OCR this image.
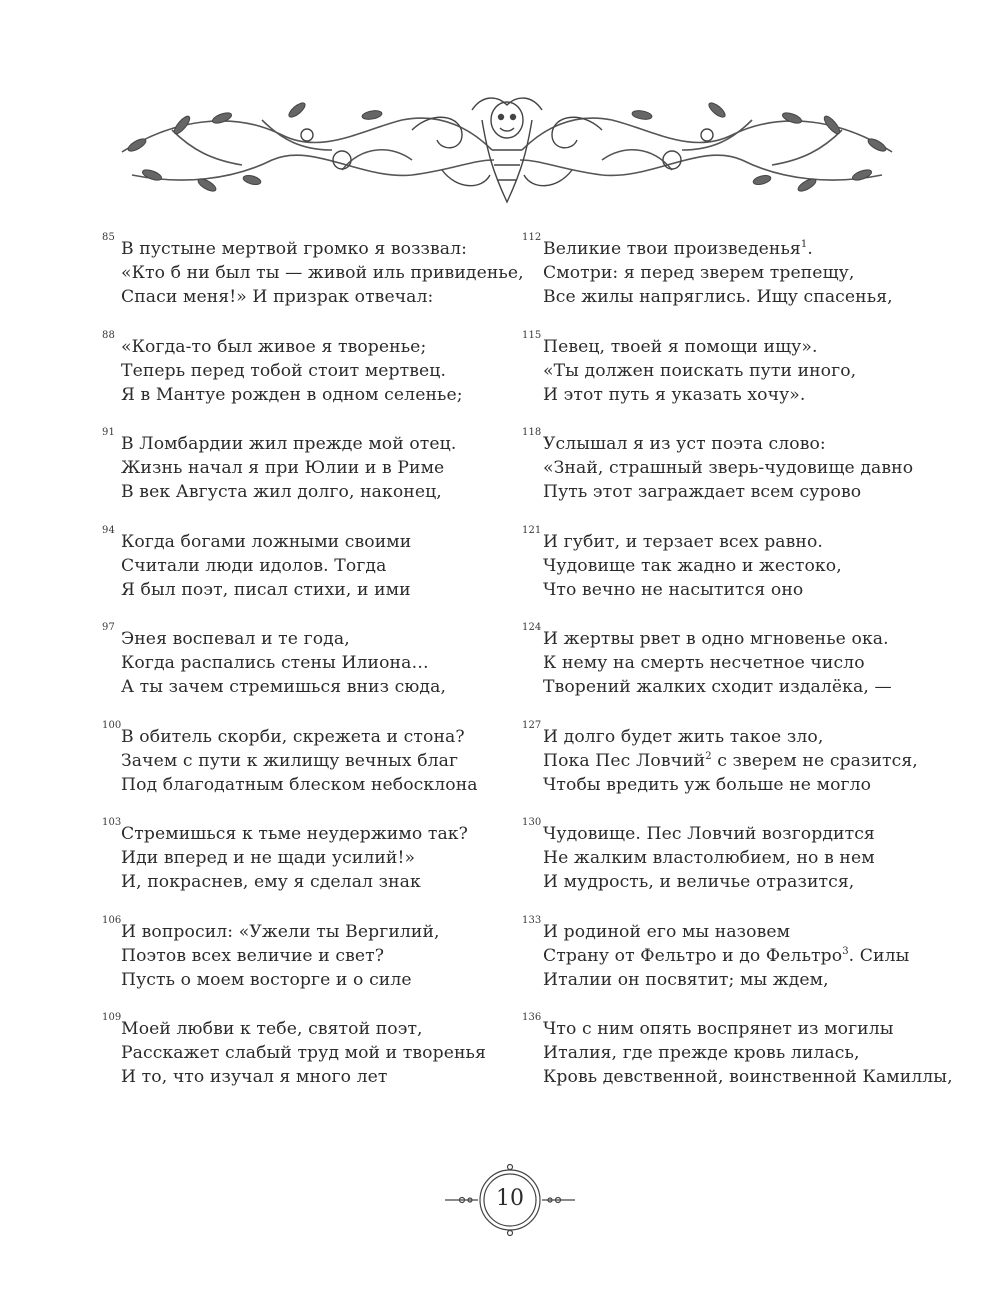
85
В пустыне мертвой громко я воззвал:
«Кто б ни был ты — живой иль привиденье,
Спаси меня!» И призрак отвечал:
88
«Когда-то был живое я творенье;
Теперь перед тобой стоит мертвец.
Я в Мантуе рожден в одном селенье;
91
В Ломбардии жил прежде мой отец.
Жизнь начал я при Юлии и в Риме
В век Августа жил долго, наконец,
94
Когда богами ложными своими
Считали люди идолов. Тогда
Я был поэт, писал стихи, и ими
97
Энея воспевал и те года,
Когда распались стены Илиона…
А ты зачем стремишься вниз сюда,
100
В обитель скорби, скрежета и стона?
Зачем с пути к жилищу вечных благ
Под благодатным блеском небосклона
103
Стремишься к тьме неудержимо так?
Иди вперед и не щади усилий!»
И, покраснев, ему я сделал знак
106
И вопросил: «Ужели ты Вергилий,
Поэтов всех величие и свет?
Пусть о моем восторге и о силе
109
Моей любви к тебе, святой поэт,
Расскажет слабый труд мой и творенья
И то, что изучал я много лет
112
Великие твои произведенья$^1$.
Смотри: я перед зверем трепещу,
Все жилы напряглись. Ищу спасенья,
115
Певец, твоей я помощи ищу».
«Ты должен поискать пути иного,
И этот путь я указать хочу».
118
Услышал я из уст поэта слово:
«Знай, страшный зверь-чудовище давно
Путь этот заграждает всем сурово
121
И губит, и терзает всех равно.
Чудовище так жадно и жестоко,
Что вечно не насытится оно
124
И жертвы рвет в одно мгновенье ока.
К нему на смерть несчетное число
Творений жалких сходит издалёка, —
127
И долго будет жить такое зло,
Пока Пес Ловчий$^2$ с зверем не сразится,
Чтобы вредить уж больше не могло
130
Чудовище. Пес Ловчий возгордится
Не жалким властолюбием, но в нем
И мудрость, и величье отразится,
133
И родиной его мы назовем
Страну от Фельтро и до Фельтро$^3$. Силы
Италии он посвятит; мы ждем,
136
Что с ним опять воспрянет из могилы
Италия, где прежде кровь лилась,
Кровь девственной, воинственной Камиллы,
10
